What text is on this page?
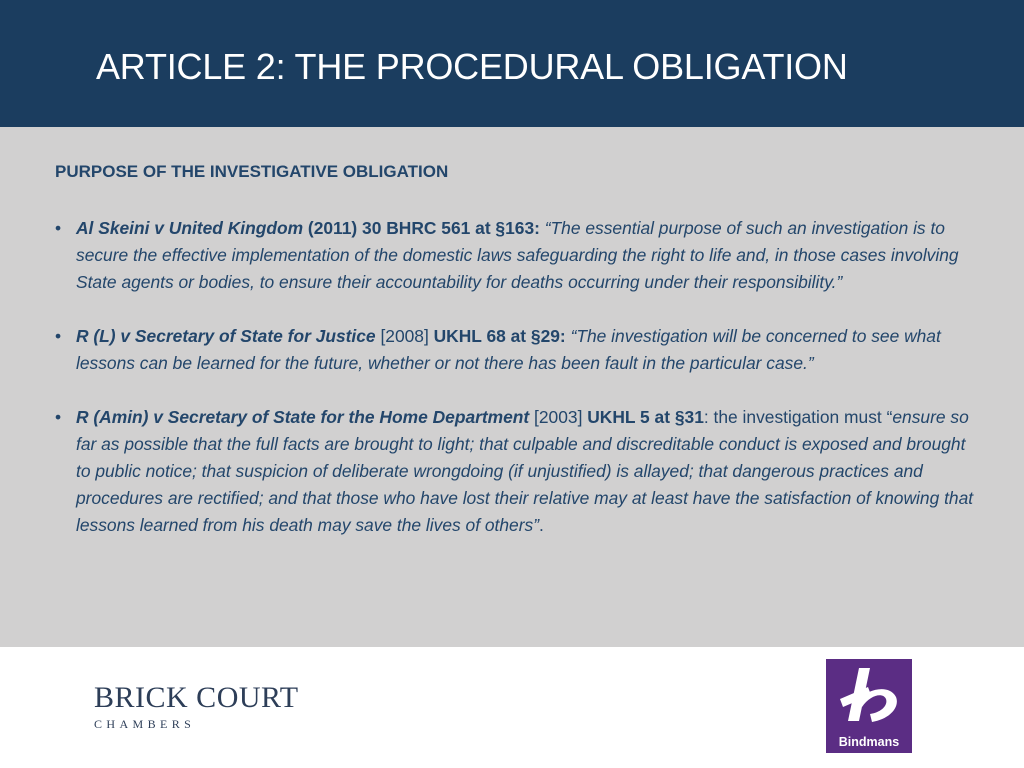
ARTICLE 2: THE PROCEDURAL OBLIGATION
PURPOSE OF THE INVESTIGATIVE OBLIGATION
• Al Skeini v United Kingdom (2011) 30 BHRC 561 at §163: “The essential purpose of such an investigation is to secure the effective implementation of the domestic laws safeguarding the right to life and, in those cases involving State agents or bodies, to ensure their accountability for deaths occurring under their responsibility.”
• R (L) v Secretary of State for Justice [2008] UKHL 68 at §29: “The investigation will be concerned to see what lessons can be learned for the future, whether or not there has been fault in the particular case.”
• R (Amin) v Secretary of State for the Home Department [2003] UKHL 5 at §31: the investigation must “ensure so far as possible that the full facts are brought to light; that culpable and discreditable conduct is exposed and brought to public notice; that suspicion of deliberate wrongdoing (if unjustified) is allayed; that dangerous practices and procedures are rectified; and that those who have lost their relative may at least have the satisfaction of knowing that lessons learned from his death may save the lives of others”.
BRICK COURT
CHAMBERS
Bindmans
